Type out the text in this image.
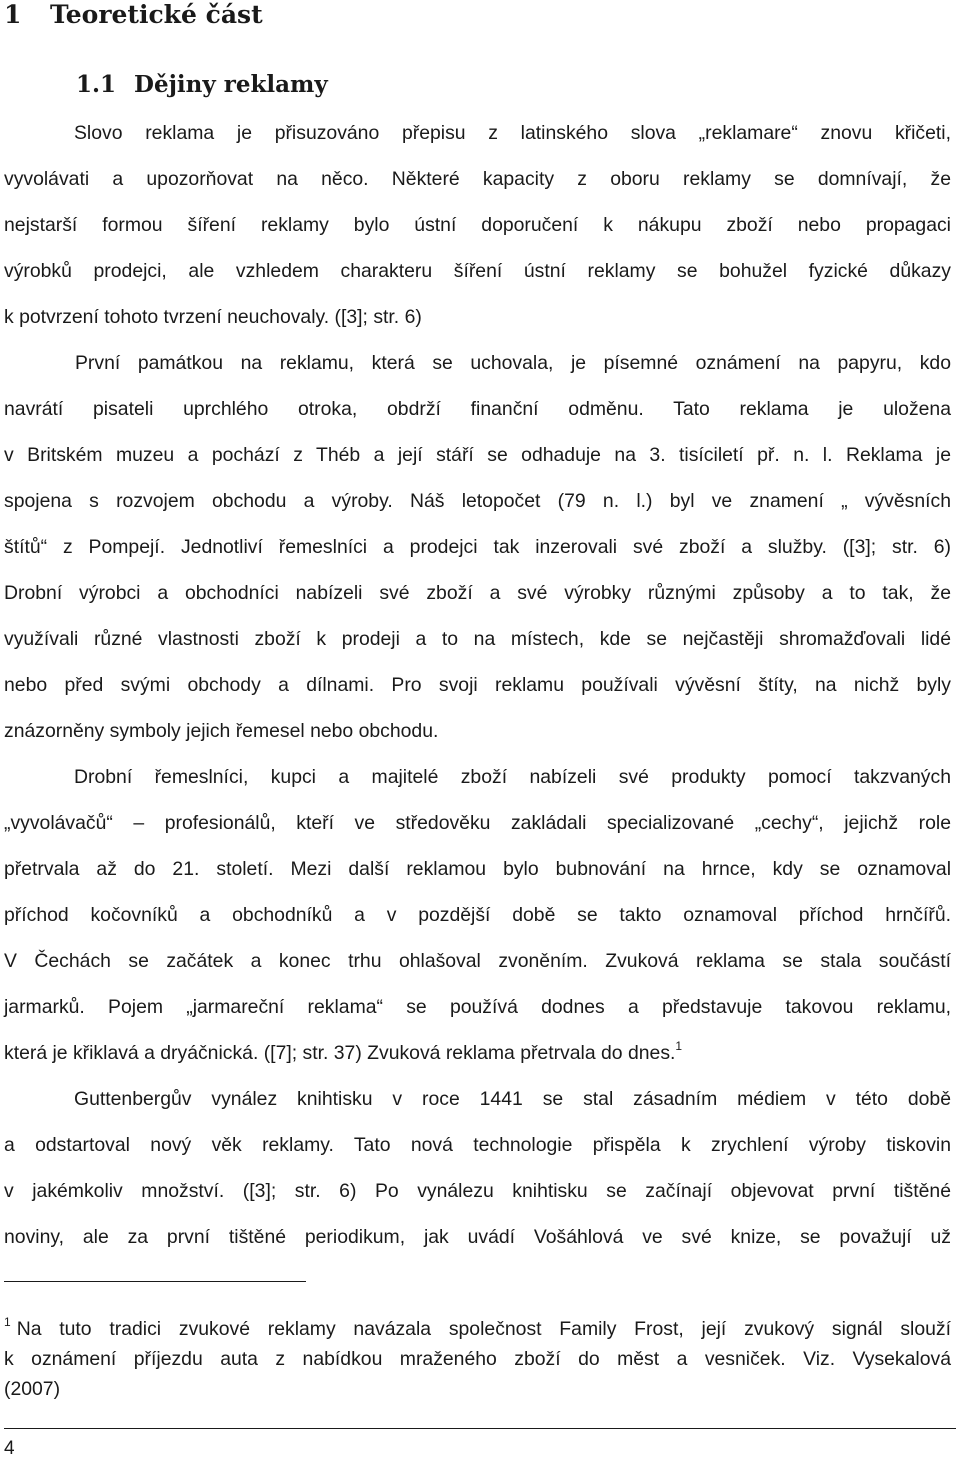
1 Teoretické část
1.1 Dějiny reklamy
Slovo reklama je přisuzováno přepisu z latinského slova „reklamare“ znovu křičeti,
vyvolávati a upozorňovat na něco. Některé kapacity z oboru reklamy se domnívají, že
nejstarší formou šíření reklamy bylo ústní doporučení k nákupu zboží nebo propagaci
výrobků prodejci, ale vzhledem charakteru šíření ústní reklamy se bohužel fyzické důkazy
k potvrzení tohoto tvrzení neuchovaly. ([3]; str. 6)
První památkou na reklamu, která se uchovala, je písemné oznámení na papyru, kdo
navrátí pisateli uprchlého otroka, obdrží finanční odměnu. Tato reklama je uložena
v Britském muzeu a pochází z Théb a její stáří se odhaduje na 3. tisíciletí př. n. l. Reklama je
spojena s rozvojem obchodu a výroby. Náš letopočet (79 n. l.) byl ve znamení „ vývěsních
štítů“ z Pompejí. Jednotliví řemeslníci a prodejci tak inzerovali své zboží a služby. ([3]; str. 6)
Drobní výrobci a obchodníci nabízeli své zboží a své výrobky různými způsoby a to tak, že
využívali různé vlastnosti zboží k prodeji a to na místech, kde se nejčastěji shromažďovali lidé
nebo před svými obchody a dílnami. Pro svoji reklamu používali vývěsní štíty, na nichž byly
znázorněny symboly jejich řemesel nebo obchodu.
Drobní řemeslníci, kupci a majitelé zboží nabízeli své produkty pomocí takzvaných
„vyvolávačů“ – profesionálů, kteří ve středověku zakládali specializované „cechy“, jejichž role
přetrvala až do 21. století. Mezi další reklamou bylo bubnování na hrnce, kdy se oznamoval
příchod kočovníků a obchodníků a v pozdější době se takto oznamoval příchod hrnčířů.
V Čechách se začátek a konec trhu ohlašoval zvoněním. Zvuková reklama se stala součástí
jarmarků. Pojem „jarmareční reklama“ se používá dodnes a představuje takovou reklamu,
která je křiklavá a dryáčnická. ([7]; str. 37) Zvuková reklama přetrvala do dnes.$^1$
Guttenbergův vynález knihtisku v roce 1441 se stal zásadním médiem v této době
a odstartoval nový věk reklamy. Tato nová technologie přispěla k zrychlení výroby tiskovin
v jakémkoliv množství. ([3]; str. 6) Po vynálezu knihtisku se začínají objevovat první tištěné
noviny, ale za první tištěné periodikum, jak uvádí Vošáhlová ve své knize, se považují už
$^1$ Na tuto tradici zvukové reklamy navázala společnost Family Frost, její zvukový signál slouží
k oznámení příjezdu auta z nabídkou mraženého zboží do měst a vesniček. Viz. Vysekalová
(2007)
4
